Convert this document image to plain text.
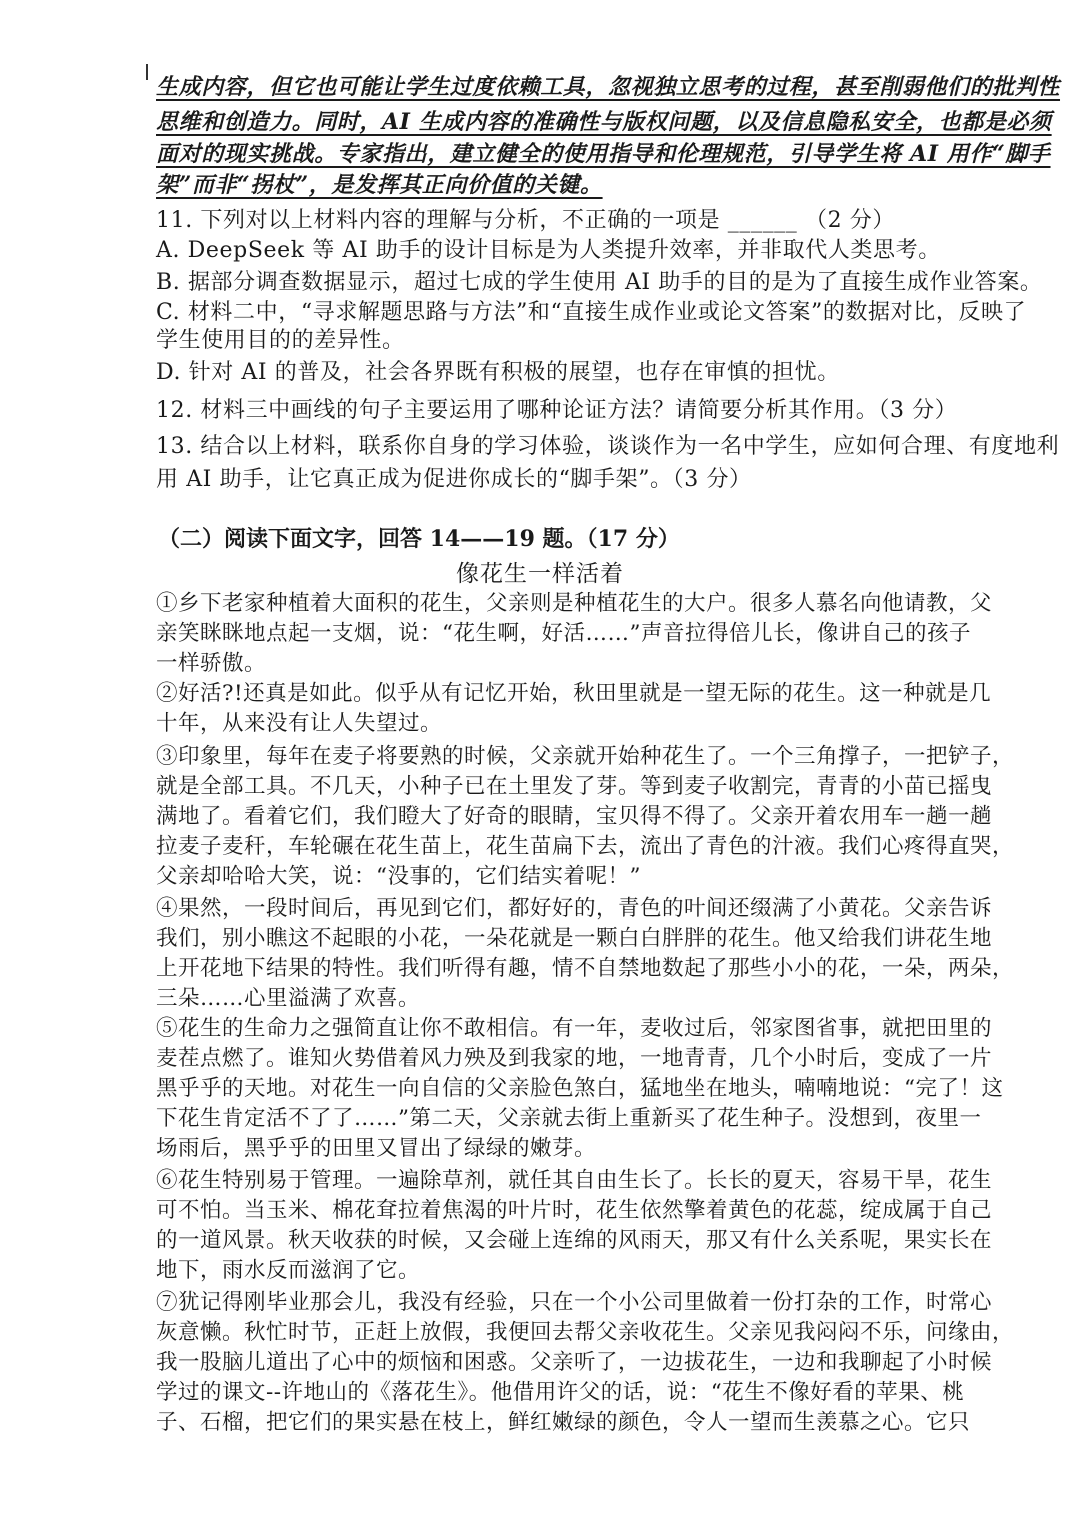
生成内容，但它也可能让学生过度依赖工具，忽视独立思考的过程，甚至削弱他们的批判性
思维和创造力。同时，AI 生成内容的准确性与版权问题，以及信息隐私安全，也都是必须
面对的现实挑战。专家指出，建立健全的使用指导和伦理规范，引导学生将 AI 用作“脚手
架”而非“拐杖”，是发挥其正向价值的关键。
11. 下列对以上材料内容的理解与分析，不正确的一项是 ______ （2 分）
A. DeepSeek 等 AI 助手的设计目标是为人类提升效率，并非取代人类思考。
B. 据部分调查数据显示，超过七成的学生使用 AI 助手的目的是为了直接生成作业答案。
C. 材料二中，“寻求解题思路与方法”和“直接生成作业或论文答案”的数据对比，反映了
学生使用目的的差异性。
D. 针对 AI 的普及，社会各界既有积极的展望，也存在审慎的担忧。
12. 材料三中画线的句子主要运用了哪种论证方法？请简要分析其作用。（3 分）
13. 结合以上材料，联系你自身的学习体验，谈谈作为一名中学生，应如何合理、有度地利
用 AI 助手，让它真正成为促进你成长的“脚手架”。（3 分）
（二）阅读下面文字，回答 14——19 题。（17 分）
像花生一样活着
①乡下老家种植着大面积的花生，父亲则是种植花生的大户。很多人慕名向他请教，父
亲笑眯眯地点起一支烟，说：“花生啊，好活……”声音拉得倍儿长，像讲自己的孩子
一样骄傲。
②好活?!还真是如此。似乎从有记忆开始，秋田里就是一望无际的花生。这一种就是几
十年，从来没有让人失望过。
③印象里，每年在麦子将要熟的时候，父亲就开始种花生了。一个三角撑子，一把铲子，
就是全部工具。不几天，小种子已在土里发了芽。等到麦子收割完，青青的小苗已摇曳
满地了。看着它们，我们瞪大了好奇的眼睛，宝贝得不得了。父亲开着农用车一趟一趟
拉麦子麦秆，车轮碾在花生苗上，花生苗扁下去，流出了青色的汁液。我们心疼得直哭，
父亲却哈哈大笑，说：“没事的，它们结实着呢！”
④果然，一段时间后，再见到它们，都好好的，青色的叶间还缀满了小黄花。父亲告诉
我们，别小瞧这不起眼的小花，一朵花就是一颗白白胖胖的花生。他又给我们讲花生地
上开花地下结果的特性。我们听得有趣，情不自禁地数起了那些小小的花，一朵，两朵，
三朵……心里溢满了欢喜。
⑤花生的生命力之强简直让你不敢相信。有一年，麦收过后，邻家图省事，就把田里的
麦茬点燃了。谁知火势借着风力殃及到我家的地，一地青青，几个小时后，变成了一片
黑乎乎的天地。对花生一向自信的父亲脸色煞白，猛地坐在地头，喃喃地说：“完了！这
下花生肯定活不了了……”第二天，父亲就去街上重新买了花生种子。没想到，夜里一
场雨后，黑乎乎的田里又冒出了绿绿的嫩芽。
⑥花生特别易于管理。一遍除草剂，就任其自由生长了。长长的夏天，容易干旱，花生
可不怕。当玉米、棉花耷拉着焦渴的叶片时，花生依然擎着黄色的花蕊，绽成属于自己
的一道风景。秋天收获的时候，又会碰上连绵的风雨天，那又有什么关系呢，果实长在
地下，雨水反而滋润了它。
⑦犹记得刚毕业那会儿，我没有经验，只在一个小公司里做着一份打杂的工作，时常心
灰意懒。秋忙时节，正赶上放假，我便回去帮父亲收花生。父亲见我闷闷不乐，问缘由，
我一股脑儿道出了心中的烦恼和困惑。父亲听了，一边拔花生，一边和我聊起了小时候
学过的课文--许地山的《落花生》。他借用许父的话，说：“花生不像好看的苹果、桃
子、石榴，把它们的果实悬在枝上，鲜红嫩绿的颜色，令人一望而生羡慕之心。它只
